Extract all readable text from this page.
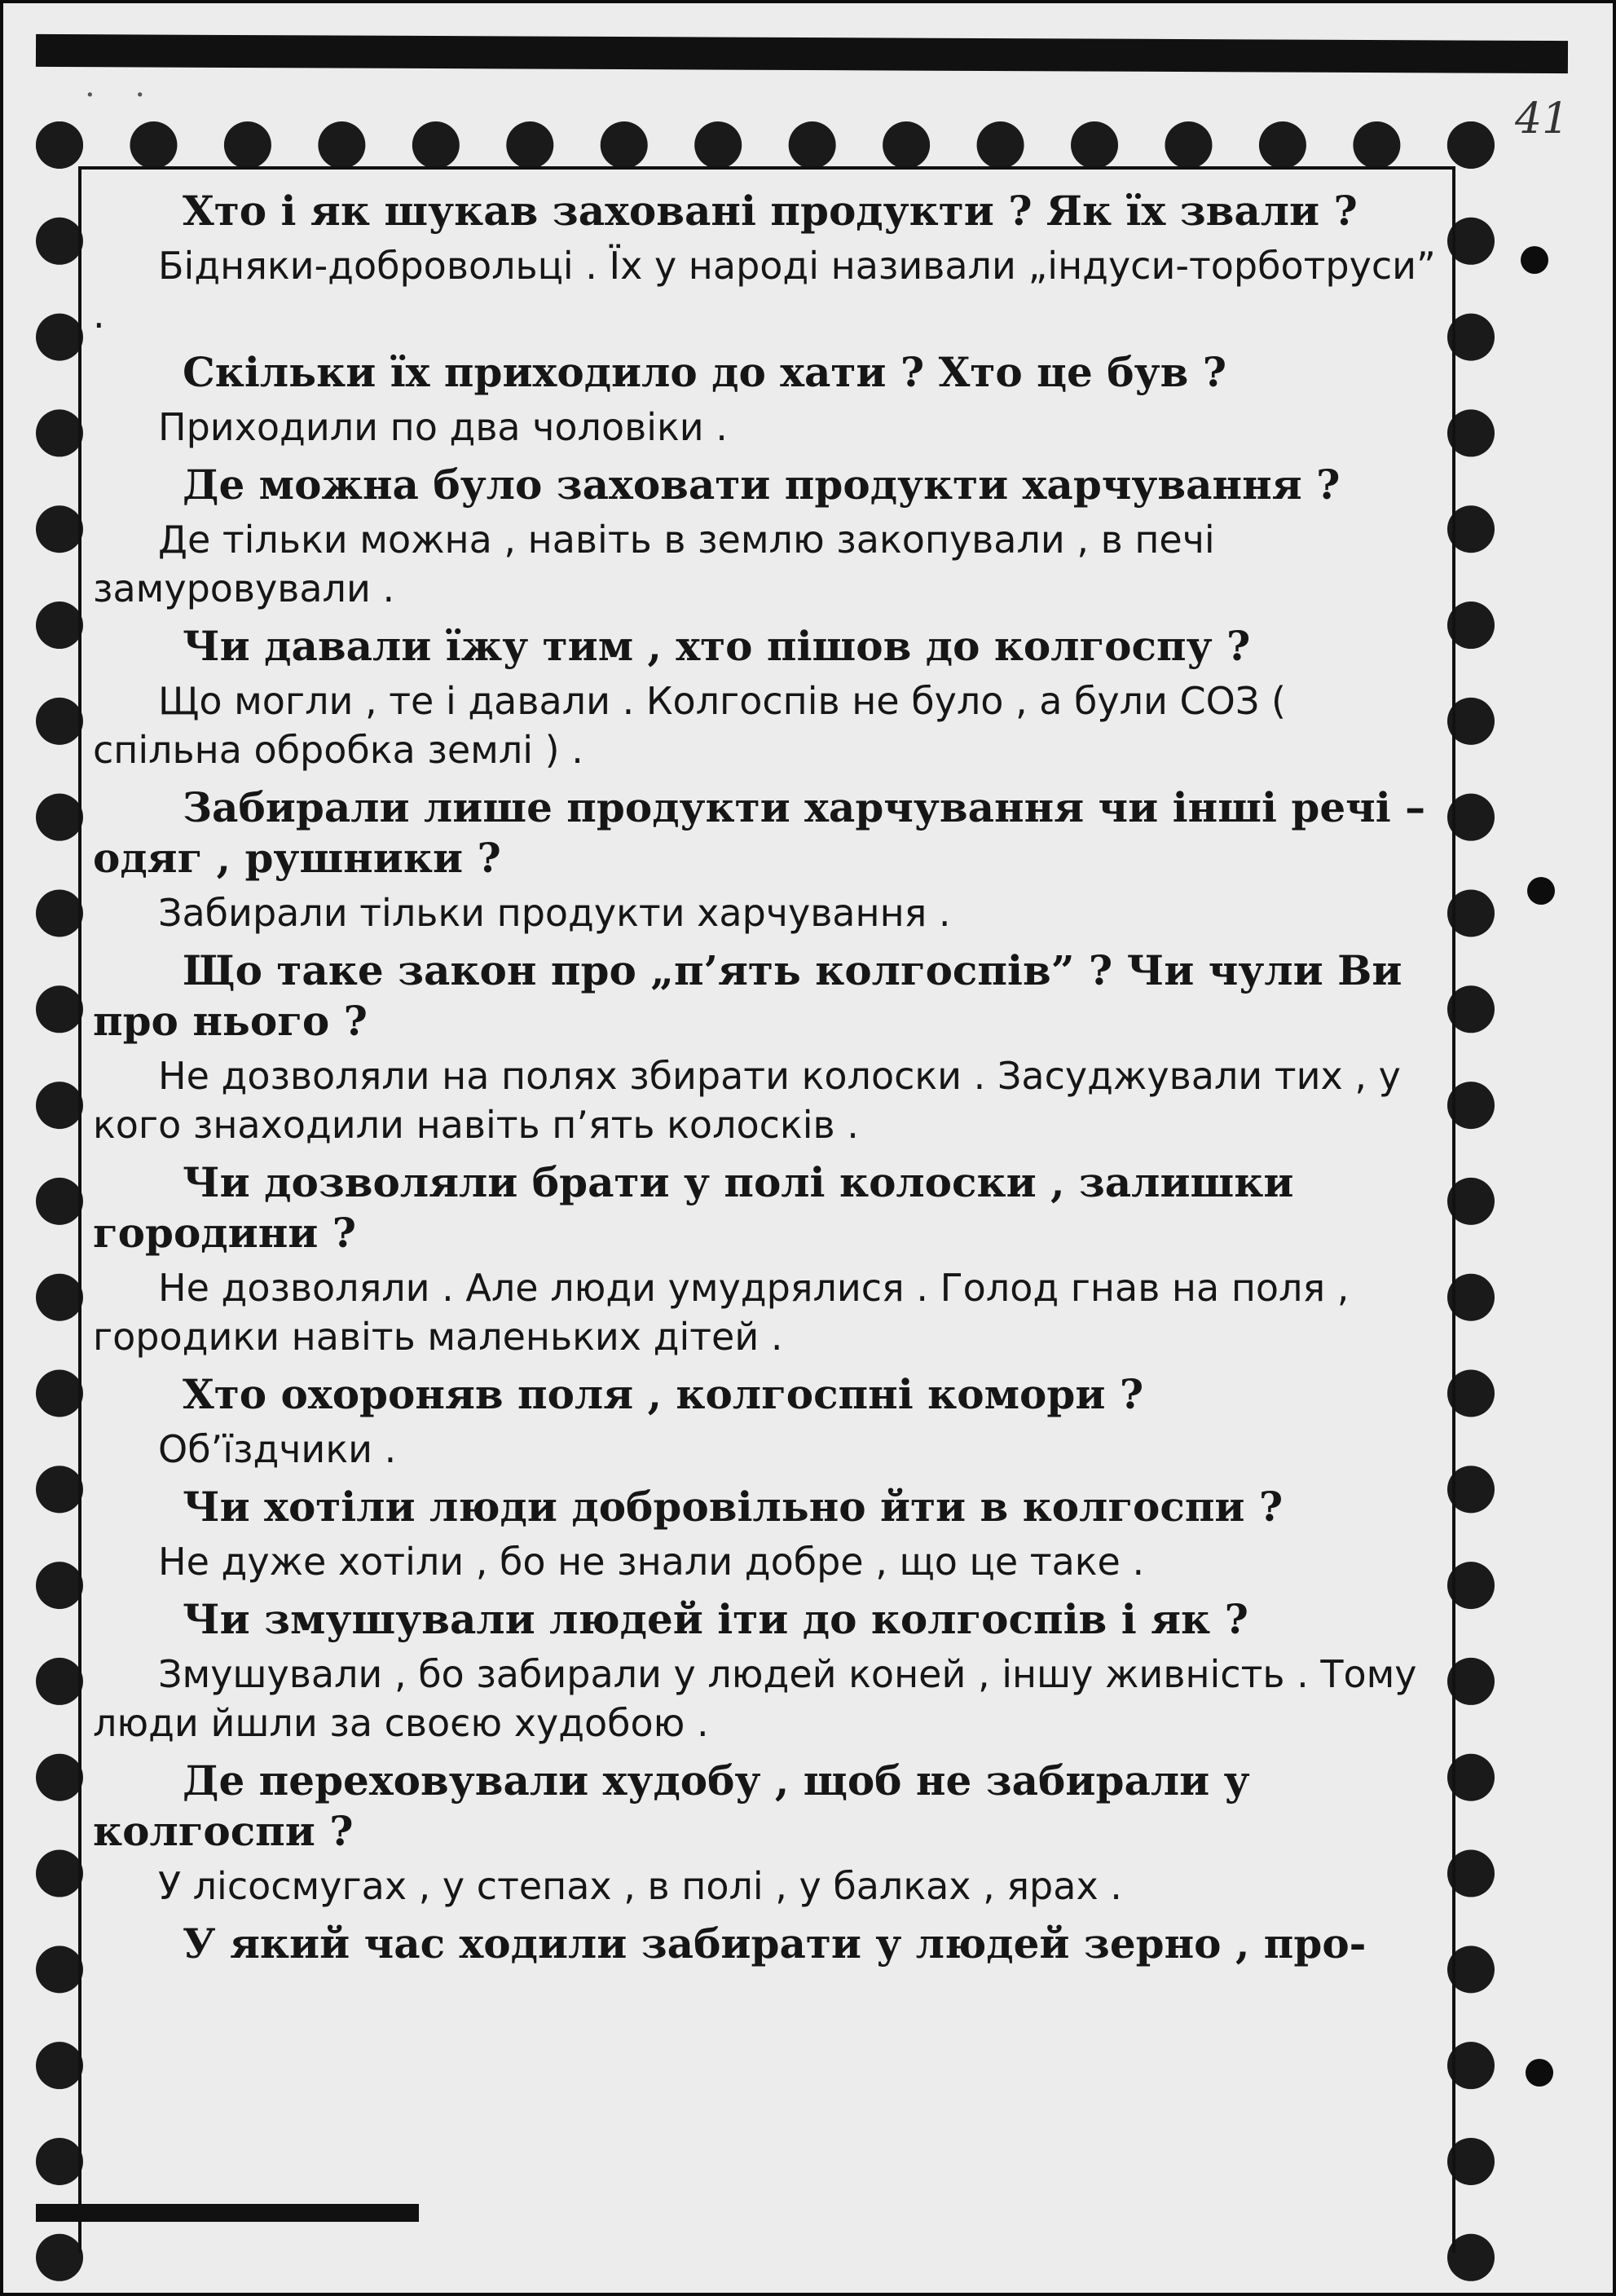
· ·	41

Хто і як шукав заховані продукти ? Як їх звали ?

Бідняки-добровольці . Їх у народі називали „індуси-торботруси” .

Скільки їх приходило до хати ? Хто це був ?

Приходили по два чоловіки .

Де можна було заховати продукти харчування ?

Де тільки можна , навіть в землю закопували , в печі замуровували .

Чи давали їжу тим , хто пішов до колгоспу ?

Що могли , те і давали . Колгоспів не було , а були СОЗ ( спільна обробка землі ) .

Забирали лише продукти харчування чи інші речі – одяг , рушники ?

Забирали тільки продукти харчування .

Що таке закон про „п’ять колгоспів” ? Чи чули Ви про нього ?

Не дозволяли на полях збирати колоски . Засуджували тих , у кого знаходили навіть п’ять колосків .

Чи дозволяли брати у полі колоски , залишки городини ?

Не дозволяли . Але люди умудрялися . Голод гнав на поля , городики навіть маленьких дітей .

Хто охороняв поля , колгоспні комори ?

Об’їздчики .

Чи хотіли люди добровільно йти в колгоспи ?

Не дуже хотіли , бо не знали добре , що це таке .

Чи змушували людей іти до колгоспів і як ?

Змушували , бо забирали у людей коней , іншу живність . Тому люди йшли за своєю худобою .

Де переховували худобу , щоб не забирали у колгоспи ?

У лісосмугах , у степах , в полі , у балках , ярах .

У який час ходили забирати у людей зерно , про-
